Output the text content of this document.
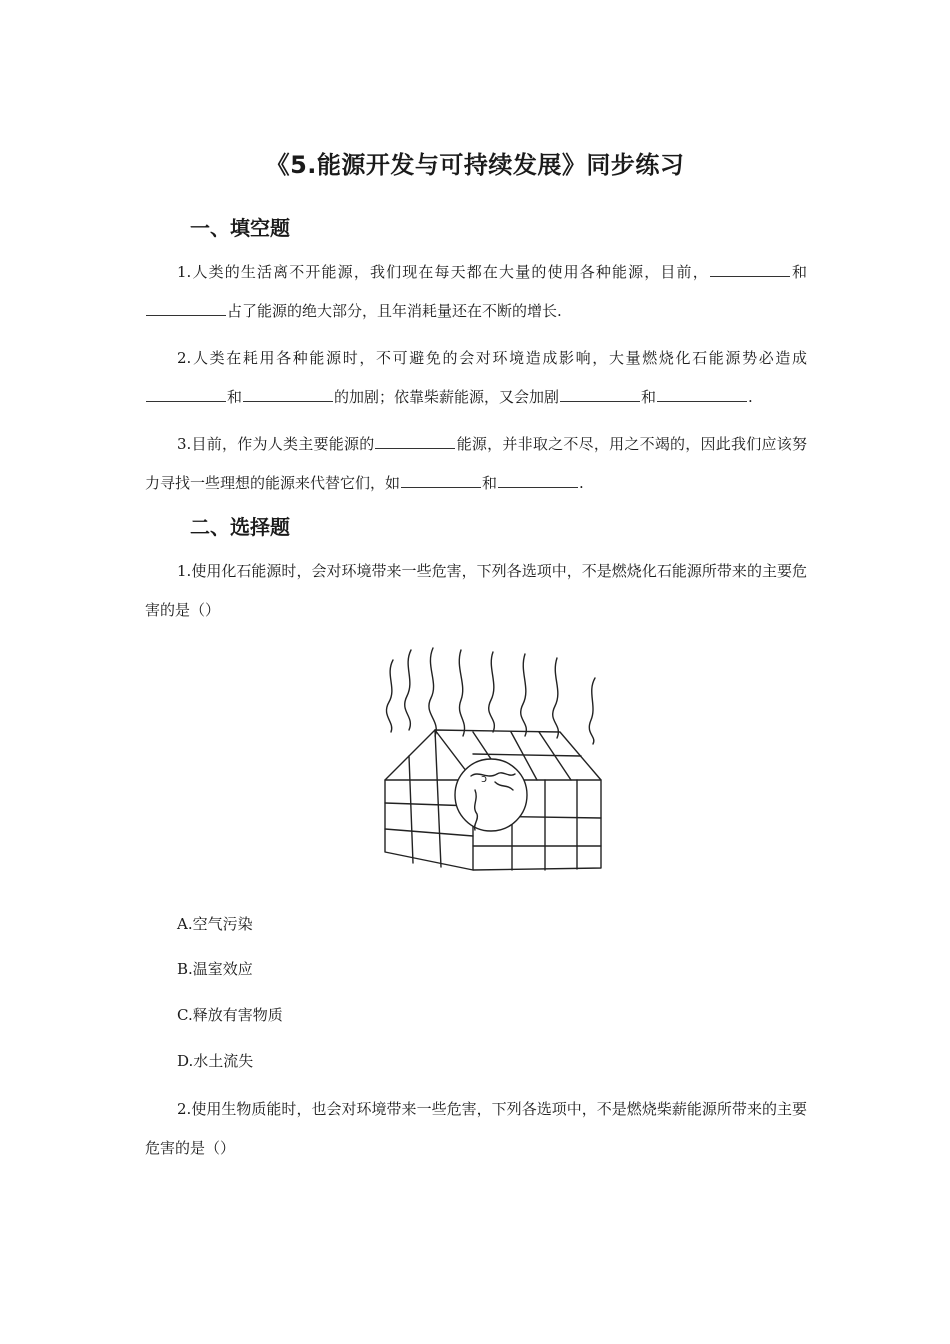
《5.能源开发与可持续发展》同步练习
一、填空题
1.人类的生活离不开能源，我们现在每天都在大量的使用各种能源，目前，	和占了能源的绝大部分，且年消耗量还在不断的增长.
2.人类在耗用各种能源时，不可避免的会对环境造成影响，大量燃烧化石能源势必造成和	的加剧；依靠柴薪能源，又会加剧	和	.
3.目前，作为人类主要能源的	能源，并非取之不尽，用之不竭的，因此我们应该努力寻找一些理想的能源来代替它们，如	和	.
二、选择题
1.使用化石能源时，会对环境带来一些危害，下列各选项中，不是燃烧化石能源所带来的主要危害的是（）
ↄ
A.空气污染
B.温室效应
C.释放有害物质
D.水土流失
2.使用生物质能时，也会对环境带来一些危害，下列各选项中，不是燃烧柴薪能源所带来的主要危害的是（）
